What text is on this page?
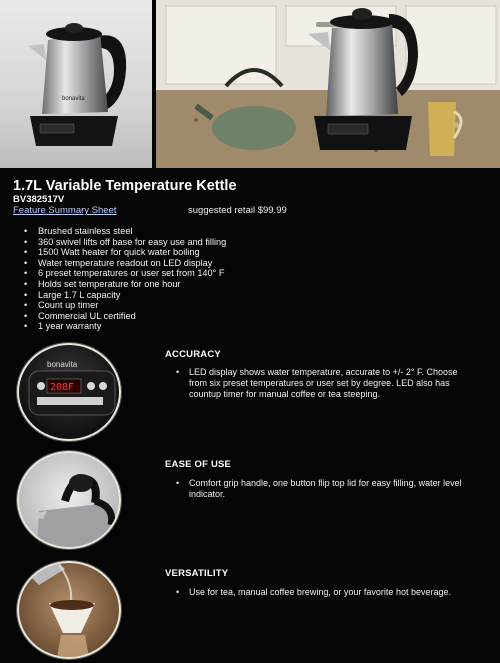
bonavita
1.7L Variable Temperature Kettle
BV382517V
Feature Summary Sheet	suggested retail $99.99
• Brushed stainless steel
• 360 swivel lifts off base for easy use and filling
• 1500 Watt heater for quick water boiling
• Water temperature readout on LED display
• 6 preset temperatures or user set from 140° F
• Holds set temperature for one hour
• Large 1.7 L capacity
• Count up timer
• Commercial UL certified
• 1 year warranty
bonavita
208F
ACCURACY
• LED display shows water temperature, accurate to +/- 2° F. Choose from six preset temperatures or user set by degree. LED also has countup timer for manual coffee or tea steeping.
EASE OF USE
• Comfort grip handle, one button flip top lid for easy filling, water level indicator.
VERSATILITY
• Use for tea, manual coffee brewing, or your favorite hot beverage.
